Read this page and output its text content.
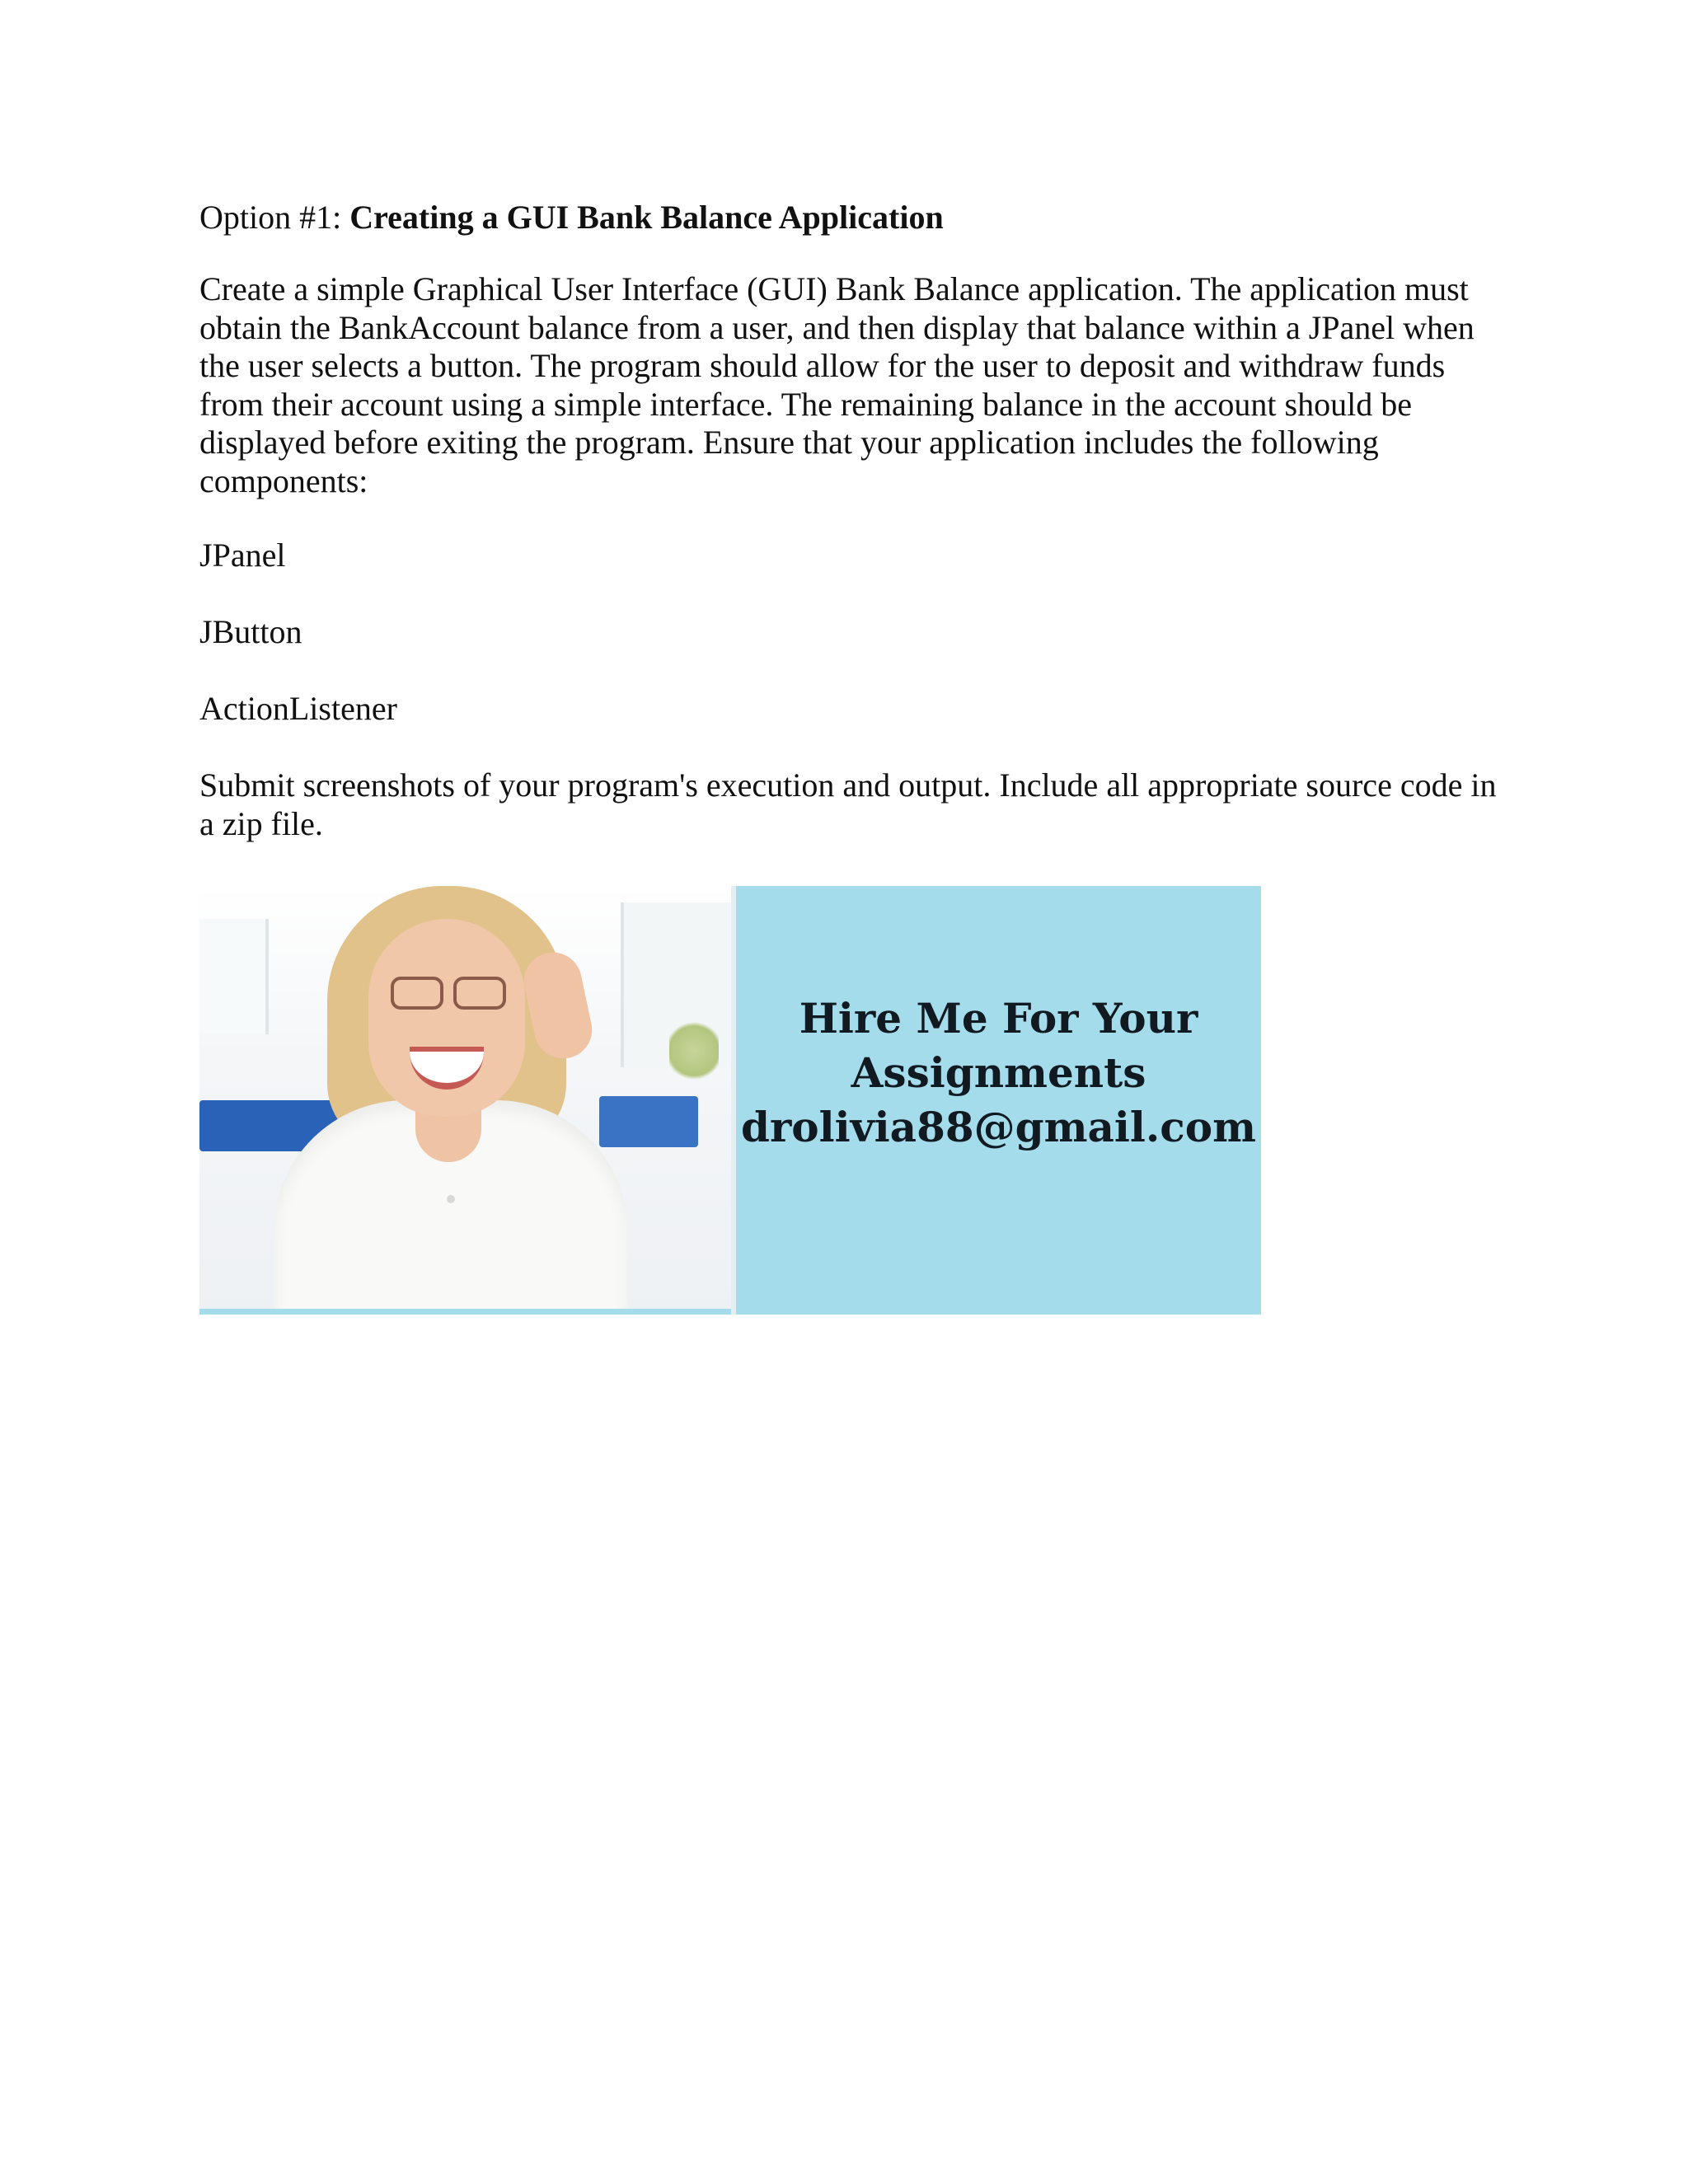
Option #1: Creating a GUI Bank Balance Application

Create a simple Graphical User Interface (GUI) Bank Balance application. The application must obtain the BankAccount balance from a user, and then display that balance within a JPanel when the user selects a button. The program should allow for the user to deposit and withdraw funds from their account using a simple interface. The remaining balance in the account should be displayed before exiting the program. Ensure that your application includes the following components:

JPanel

JButton

ActionListener

Submit screenshots of your program's execution and output. Include all appropriate source code in a zip file.

Hire Me For Your
Assignments
drolivia88@gmail.com
